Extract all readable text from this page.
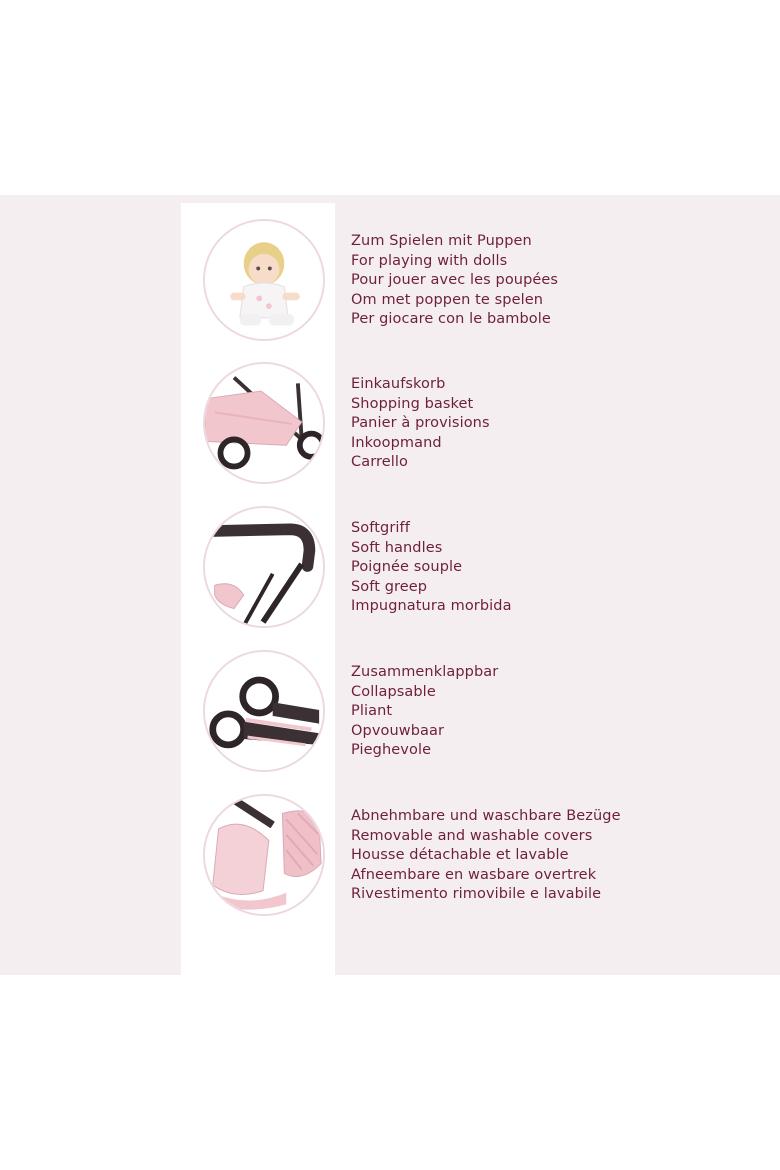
Zum Spielen mit Puppen
For playing with dolls
Pour jouer avec les poupées
Om met poppen te spelen
Per giocare con le bambole
Einkaufskorb
Shopping basket
Panier à provisions
Inkoopmand
Carrello
Softgriff
Soft handles
Poignée souple
Soft greep
Impugnatura morbida
Zusammenklappbar
Collapsable
Pliant
Opvouwbaar
Pieghevole
Abnehmbare und waschbare Bezüge
Removable and washable covers
Housse détachable et lavable
Afneembare en wasbare overtrek
Rivestimento rimovibile e lavabile
